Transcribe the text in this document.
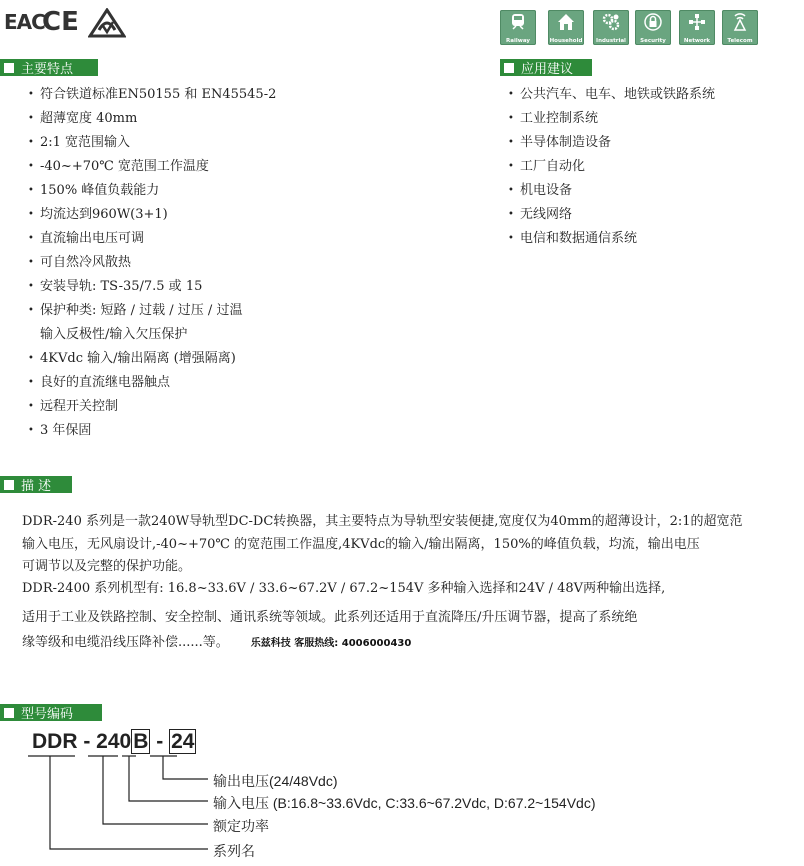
EAC
CE
Railway	Household	Industrial	Security	Network	Telecom
主要特点
• 符合铁道标准EN50155 和 EN45545-2
• 超薄宽度 40mm
• 2:1 宽范围输入
• -40~+70℃ 宽范围工作温度
• 150% 峰值负载能力
• 均流达到960W(3+1)
• 直流输出电压可调
• 可自然冷风散热
• 安装导轨: TS-35/7.5 或 15
• 保护种类: 短路 / 过载 / 过压 / 过温
输入反极性/输入欠压保护
• 4KVdc 输入/输出隔离 (增强隔离)
• 良好的直流继电器触点
• 远程开关控制
• 3 年保固
应用建议
• 公共汽车、电车、地铁或铁路系统
• 工业控制系统
• 半导体制造设备
• 工厂自动化
• 机电设备
• 无线网络
• 电信和数据通信系统
描 述
DDR-240 系列是一款240W导轨型DC-DC转换器，其主要特点为导轨型安装便捷,宽度仅为40mm的超薄设计，2:1的超宽范
输入电压，无风扇设计,-40~+70℃ 的宽范围工作温度,4KVdc的输入/输出隔离，150%的峰值负载，均流，输出电压
可调节以及完整的保护功能。
DDR-2400 系列机型有: 16.8~33.6V / 33.6~67.2V / 67.2~154V 多种输入选择和24V / 48V两种输出选择,
适用于工业及铁路控制、安全控制、通讯系统等领域。此系列还适用于直流降压/升压调节器，提高了系统绝
缘等级和电缆沿线压降补偿......等。 乐兹科技 客服热线: 4006000430
型号编码
DDR - 240B - 24
输出电压(24/48Vdc)
输入电压 (B:16.8~33.6Vdc, C:33.6~67.2Vdc, D:67.2~154Vdc)
额定功率
系列名
